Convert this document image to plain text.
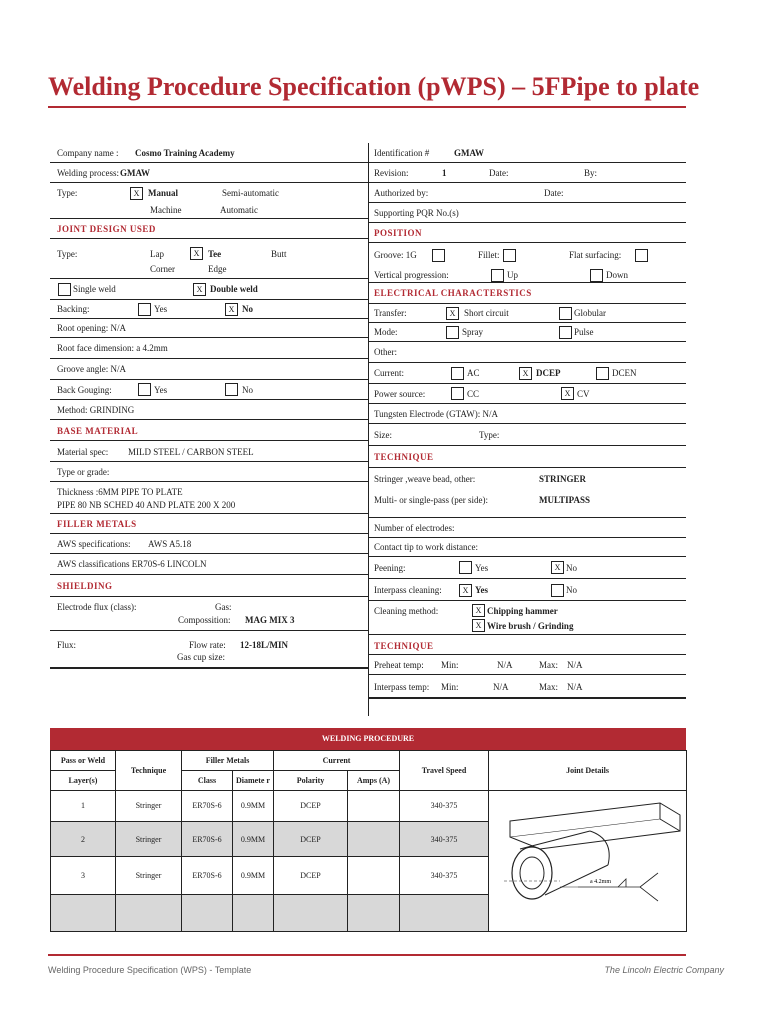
Welding Procedure Specification (pWPS) – 5FPipe to plate
Company name : Cosmo Training Academy
Welding process: GMAW
Type:	X Manual	Semi-automatic
Machine	Automatic
JOINT DESIGN USED
Type:	Lap	X Tee	Butt
Corner	Edge
Single weld	X Double weld
Backing:	Yes	X No
Root opening: N/A
Root face dimension: a 4.2mm
Groove angle: N/A
Back Gouging:	Yes	No
Method: GRINDING
BASE MATERIAL
Material spec: MILD STEEL / CARBON STEEL
Type or grade:
Thickness :6MM PIPE TO PLATE
PIPE 80 NB SCHED 40 AND PLATE 200 X 200
FILLER METALS
AWS specifications: AWS A5.18
AWS classifications ER70S-6 LINCOLN
SHIELDING
Electrode flux (class):	Gas:
Compossition: MAG MIX 3
Flux:	Flow rate: 12-18L/MIN
Gas cup size:
Identification #	GMAW
Revision:	1	Date:	By:
Authorized by:	Date:
Supporting PQR No.(s)
POSITION
Groove: 1G	Fillet:	Flat surfacing:
Vertical progression:	Up	Down
ELECTRICAL CHARACTERSTICS
Transfer:	X Short circuit	Globular
Mode:	Spray	Pulse
Other:
Current:	AC	X DCEP	DCEN
Power source:	CC	X CV
Tungsten Electrode (GTAW): N/A
Size:	Type:
TECHNIQUE
Stringer ,weave bead, other:	STRINGER
Multi- or single-pass (per side):	MULTIPASS
Number of electrodes:
Contact tip to work distance:
Peening:	Yes	X No
Interpass cleaning:	X Yes	No
Cleaning method:	X Chipping hammer
X Wire brush / Grinding
TECHNIQUE
Preheat temp: Min:	N/A	Max: N/A
Interpass temp: Min:	N/A	Max: N/A
WELDING PROCEDURE
Pass or Weld	Technique	Filler Metals		Current		Travel Speed	Joint Details
Layer(s)		Class	Diamete r	Polarity	Amps (A)		
1	Stringer	ER70S-6	0.9MM	DCEP		340-375	a 4.2mm

2	Stringer	ER70S-6	0.9MM	DCEP		340-375	
3	Stringer	ER70S-6	0.9MM	DCEP		340-375	

Welding Procedure Specification (WPS) - Template	The Lincoln Electric Company
